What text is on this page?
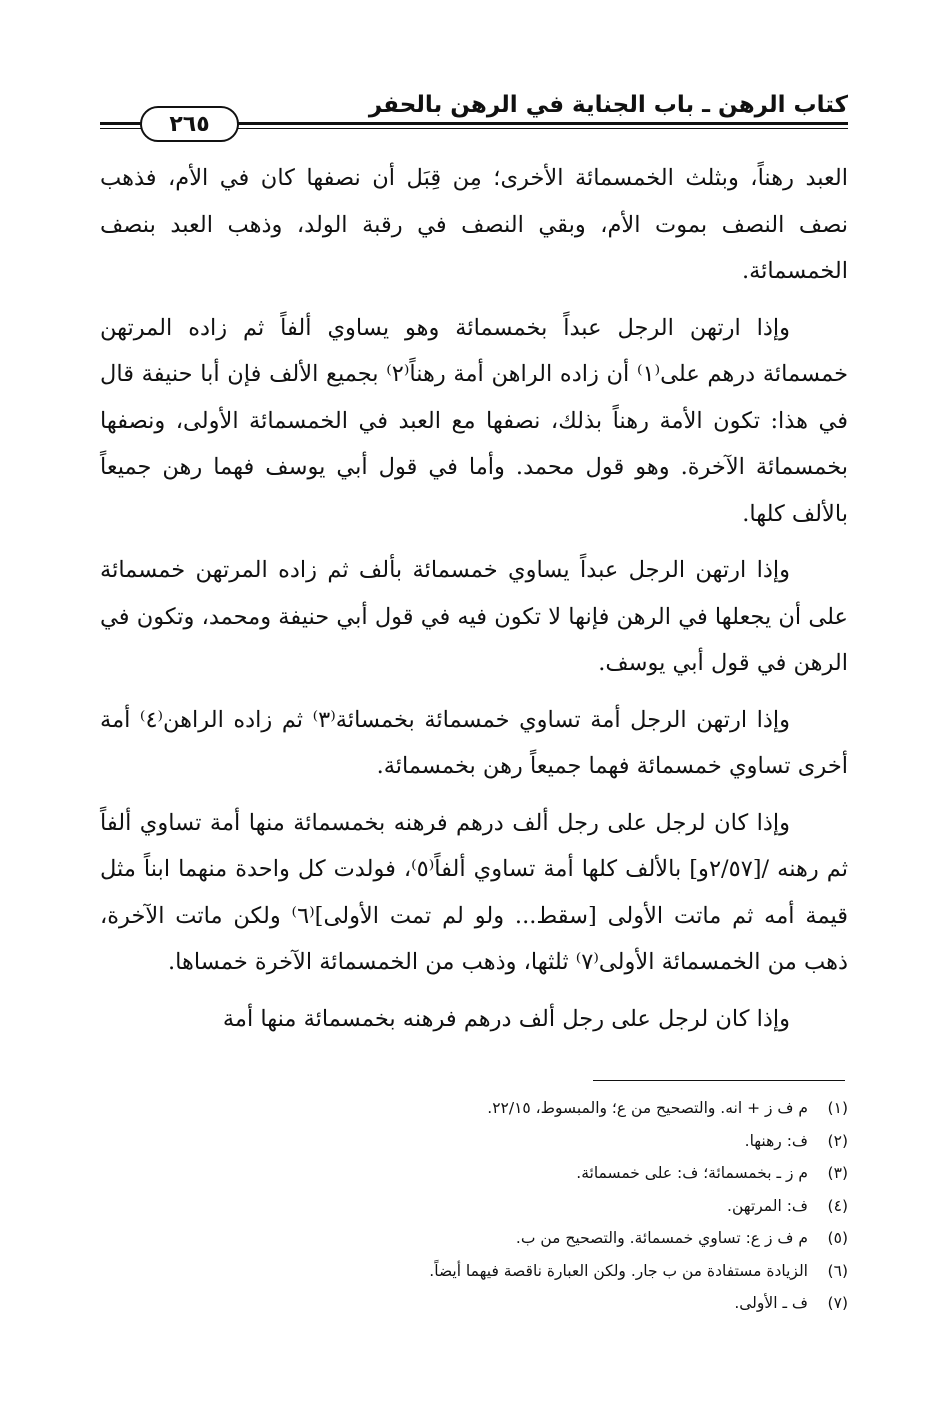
كتاب الرهن ـ باب الجناية في الرهن بالحفر
٢٦٥

العبد رهناً، وبثلث الخمسمائة الأخرى؛ مِن قِبَل أن نصفها كان في الأم، فذهب نصف النصف بموت الأم، وبقي النصف في رقبة الولد، وذهب العبد بنصف الخمسمائة.

وإذا ارتهن الرجل عبداً بخمسمائة وهو يساوي ألفاً ثم زاده المرتهن خمسمائة درهم على⁽١⁾ أن زاده الراهن أمة رهناً⁽٢⁾ بجميع الألف فإن أبا حنيفة قال في هذا: تكون الأمة رهناً بذلك، نصفها مع العبد في الخمسمائة الأولى، ونصفها بخمسمائة الآخرة. وهو قول محمد. وأما في قول أبي يوسف فهما رهن جميعاً بالألف كلها.

وإذا ارتهن الرجل عبداً يساوي خمسمائة بألف ثم زاده المرتهن خمسمائة على أن يجعلها في الرهن فإنها لا تكون فيه في قول أبي حنيفة ومحمد، وتكون في الرهن في قول أبي يوسف.

وإذا ارتهن الرجل أمة تساوي خمسمائة بخمسائة⁽٣⁾ ثم زاده الراهن⁽٤⁾ أمة أخرى تساوي خمسمائة فهما جميعاً رهن بخمسمائة.

وإذا كان لرجل على رجل ألف درهم فرهنه بخمسمائة منها أمة تساوي ألفاً ثم رهنه /[٢/٥٧و] بالألف كلها أمة تساوي ألفاً⁽٥⁾، فولدت كل واحدة منهما ابناً مثل قيمة أمه ثم ماتت الأولى [سقط... ولو لم تمت الأولى]⁽٦⁾ ولكن ماتت الآخرة، ذهب من الخمسمائة الأولى⁽٧⁾ ثلثها، وذهب من الخمسمائة الآخرة خمساها.

وإذا كان لرجل على رجل ألف درهم فرهنه بخمسمائة منها أمة

(١)
م ف ز + انه. والتصحيح من ع؛ والمبسوط، ٢٢/١٥.
(٢)
ف: رهنها.
(٣)
م ز ـ بخمسمائة؛ ف: على خمسمائة.
(٤)
ف: المرتهن.
(٥)
م ف ز ع: تساوي خمسمائة. والتصحيح من ب.
(٦)
الزيادة مستفادة من ب جار. ولكن العبارة ناقصة فيهما أيضاً.
(٧)
ف ـ الأولى.
